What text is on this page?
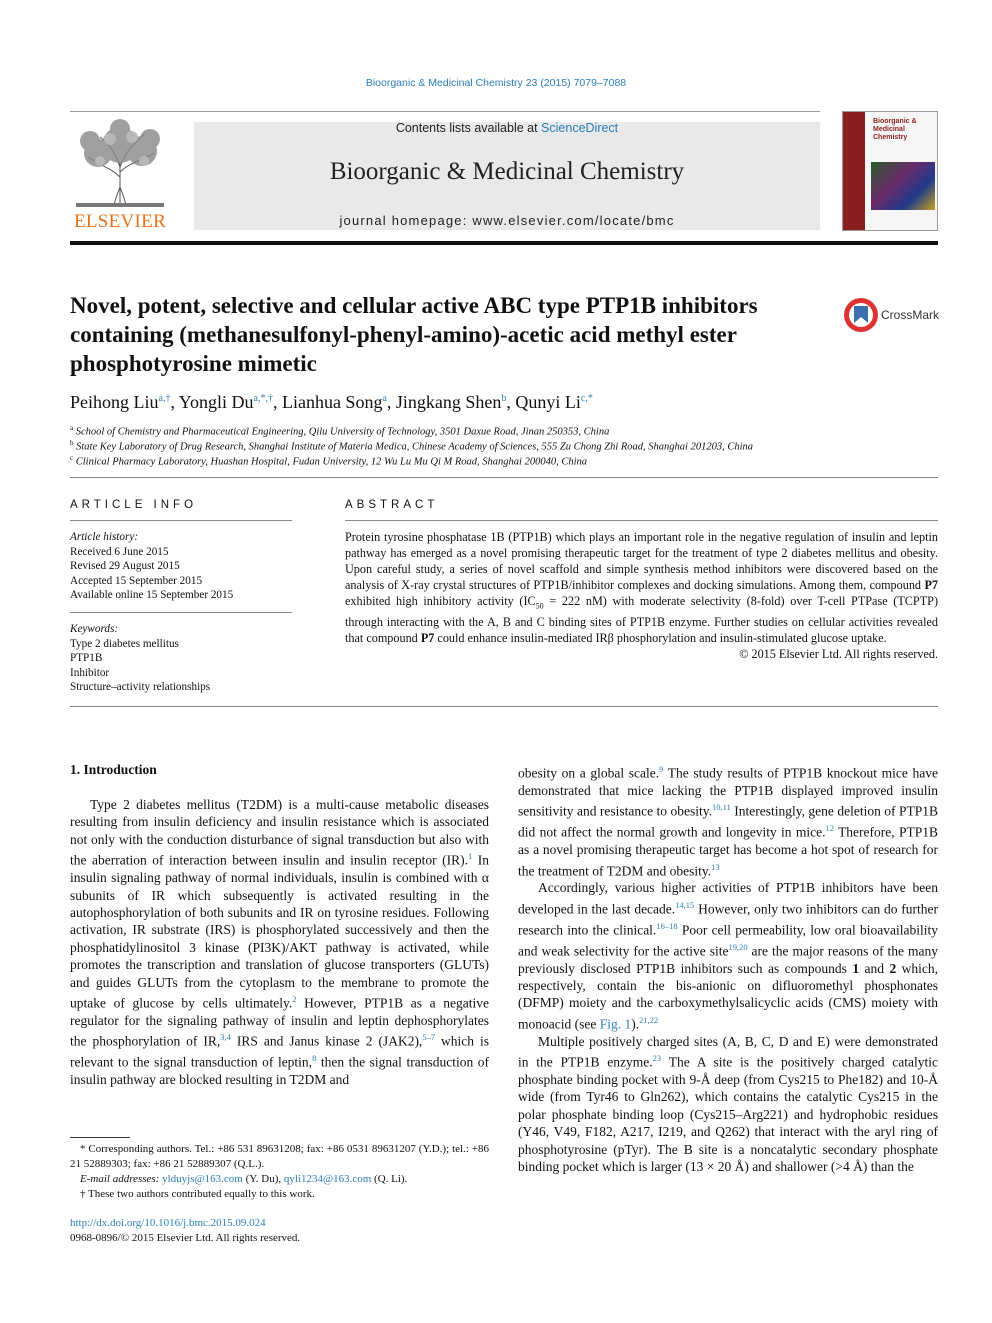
Bioorganic & Medicinal Chemistry 23 (2015) 7079–7088
ELSEVIER
Contents lists available at ScienceDirect
Bioorganic & Medicinal Chemistry
journal homepage: www.elsevier.com/locate/bmc
Bioorganic & Medicinal Chemistry
Novel, potent, selective and cellular active ABC type PTP1B inhibitors containing (methanesulfonyl-phenyl-amino)-acetic acid methyl ester phosphotyrosine mimetic
CrossMark
Peihong Liu$^{a,\dagger}$, Yongli $Du^{a,*,\dagger}$, Lianhua Song$^a$, Jingkang Shen$^b$, Qunyi $Li^{c,*}$
$^a$ School of Chemistry and Pharmaceutical Engineering, Qilu University of Technology, 3501 Daxue Road, Jinan 250353, China
$^b$ State Key Laboratory of Drug Research, Shanghai Institute of Materia Medica, Chinese Academy of Sciences, 555 Zu Chong Zhi Road, Shanghai 201203, China
$^c$ Clinical Pharmacy Laboratory, Huashan Hospital, Fudan University, 12 Wu Lu Mu Qi M Road, Shanghai 200040, China
ARTICLE INFO
Article history:
Received 6 June 2015
Revised 29 August 2015
Accepted 15 September 2015
Available online 15 September 2015
Keywords:
Type 2 diabetes mellitus
PTP1B
Inhibitor
Structure–activity relationships
ABSTRACT
Protein tyrosine phosphatase 1B (PTP1B) which plays an important role in the negative regulation of insulin and leptin pathway has emerged as a novel promising therapeutic target for the treatment of type 2 diabetes mellitus and obesity. Upon careful study, a series of novel scaffold and simple synthesis method inhibitors were discovered based on the analysis of X-ray crystal structures of PTP1B/inhibitor complexes and docking simulations. Among them, compound P7 exhibited high inhibitory activity ($IC_{50} = 222$ nM) with moderate selectivity (8-fold) over T-cell PTPase (TCPTP) through interacting with the A, B and C binding sites of PTP1B enzyme. Further studies on cellular activities revealed that compound P7 could enhance insulin-mediated IRβ phosphorylation and insulin-stimulated glucose uptake.
© 2015 Elsevier Ltd. All rights reserved.
1. Introduction

Type 2 diabetes mellitus (T2DM) is a multi-cause metabolic diseases resulting from insulin deficiency and insulin resistance which is associated not only with the conduction disturbance of signal transduction but also with the aberration of interaction between insulin and insulin receptor (IR).$^1$ In insulin signaling pathway of normal individuals, insulin is combined with α subunits of IR which subsequently is activated resulting in the autophosphorylation of both subunits and IR on tyrosine residues. Following activation, IR substrate (IRS) is phosphorylated successively and then the phosphatidylinositol 3 kinase (PI3K)/AKT pathway is activated, while promotes the transcription and translation of glucose transporters (GLUTs) and guides GLUTs from the cytoplasm to the membrane to promote the uptake of glucose by cells ultimately.$^2$ However, PTP1B as a negative regulator for the signaling pathway of insulin and leptin dephosphorylates the phosphorylation of IR,$^{3,4}$ IRS and Janus kinase 2 (JAK2),$^{5-7}$ which is relevant to the signal transduction of leptin,$^8$ then the signal transduction of insulin pathway are blocked resulting in T2DM and

obesity on a global scale.$^9$ The study results of PTP1B knockout mice have demonstrated that mice lacking the PTP1B displayed improved insulin sensitivity and resistance to obesity.$^{10,11}$ Interestingly, gene deletion of PTP1B did not affect the normal growth and longevity in mice.$^{12}$ Therefore, PTP1B as a novel promising therapeutic target has become a hot spot of research for the treatment of T2DM and obesity.$^{13}$

Accordingly, various higher activities of PTP1B inhibitors have been developed in the last decade.$^{14,15}$ However, only two inhibitors can do further research into the clinical.$^{16-18}$ Poor cell permeability, low oral bioavailability and weak selectivity for the active site$^{19,20}$ are the major reasons of the many previously disclosed PTP1B inhibitors such as compounds 1 and 2 which, respectively, contain the bis-anionic on difluoromethyl phosphonates (DFMP) moiety and the carboxymethylsalicyclic acids (CMS) moiety with monoacid (see Fig. 1).$^{21,22}$

Multiple positively charged sites (A, B, C, D and E) were demonstrated in the PTP1B enzyme.$^{23}$ The A site is the positively charged catalytic phosphate binding pocket with 9-Å deep (from Cys215 to Phe182) and 10-Å wide (from Tyr46 to Gln262), which contains the catalytic Cys215 in the polar phosphate binding loop (Cys215–Arg221) and hydrophobic residues (Y46, V49, F182, A217, I219, and Q262) that interact with the aryl ring of phosphotyrosine (pTyr). The B site is a noncatalytic secondary phosphate binding pocket which is larger (13 × 20 Å) and shallower (>4 Å) than the

* Corresponding authors. Tel.: +86 531 89631208; fax: +86 0531 89631207 (Y.D.); tel.: +86 21 52889303; fax: +86 21 52889307 (Q.L.).
E-mail addresses: ylduyjs@163.com (Y. Du), qyli1234@163.com (Q. Li).
† These two authors contributed equally to this work.
http://dx.doi.org/10.1016/j.bmc.2015.09.024
0968-0896/© 2015 Elsevier Ltd. All rights reserved.
